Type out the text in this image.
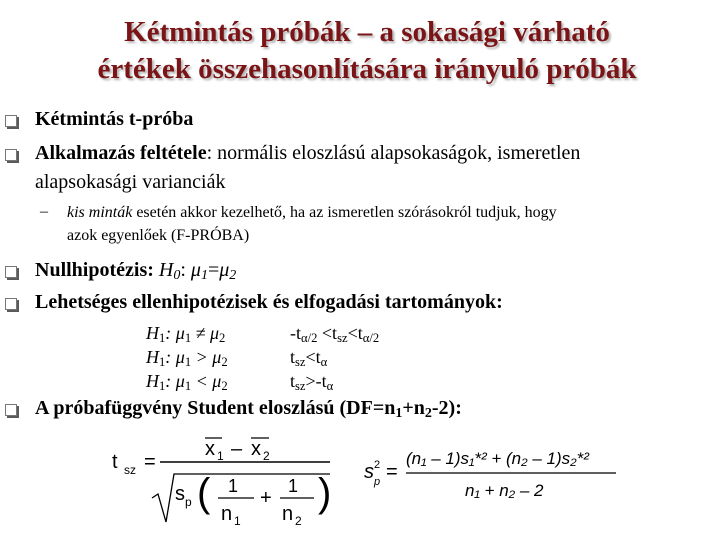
Kétmintás próbák – a sokasági várható
értékek összehasonlítására irányuló próbák
Kétmintás t-próba
Alkalmazás feltétele: normális eloszlású alapsokaságok, ismeretlen
alapsokasági varianciák
– kis minták esetén akkor kezelhető, ha az ismeretlen szórásokról tudjuk, hogy
azok egyenlőek (F-PRÓBA)
Nullhipotézis: $H_0$: $\mu_1=\mu_2$
Lehetséges ellenhipotézisek és elfogadási tartományok:
$H_1$: $\mu_1 \ne \mu_2$	$-t_{\alpha/2} <t_{sz}<t_{\alpha/2}$
$H_1$: $\mu_1 > \mu_2$	$t_{sz}<t_\alpha$
$H_1$: $\mu_1 < \mu_2$	$t_{sz}>-t_\alpha$
A próbafüggvény Student eloszlású $(DF=n_1+n_2-2)$:
t sz =
x 1 – x 2
s p (	)
1
n 1
+
1
n 2
s 2
p =
(n₁ – 1)s₁*² + (n₂ – 1)s₂*²
n₁ + n₂ – 2
